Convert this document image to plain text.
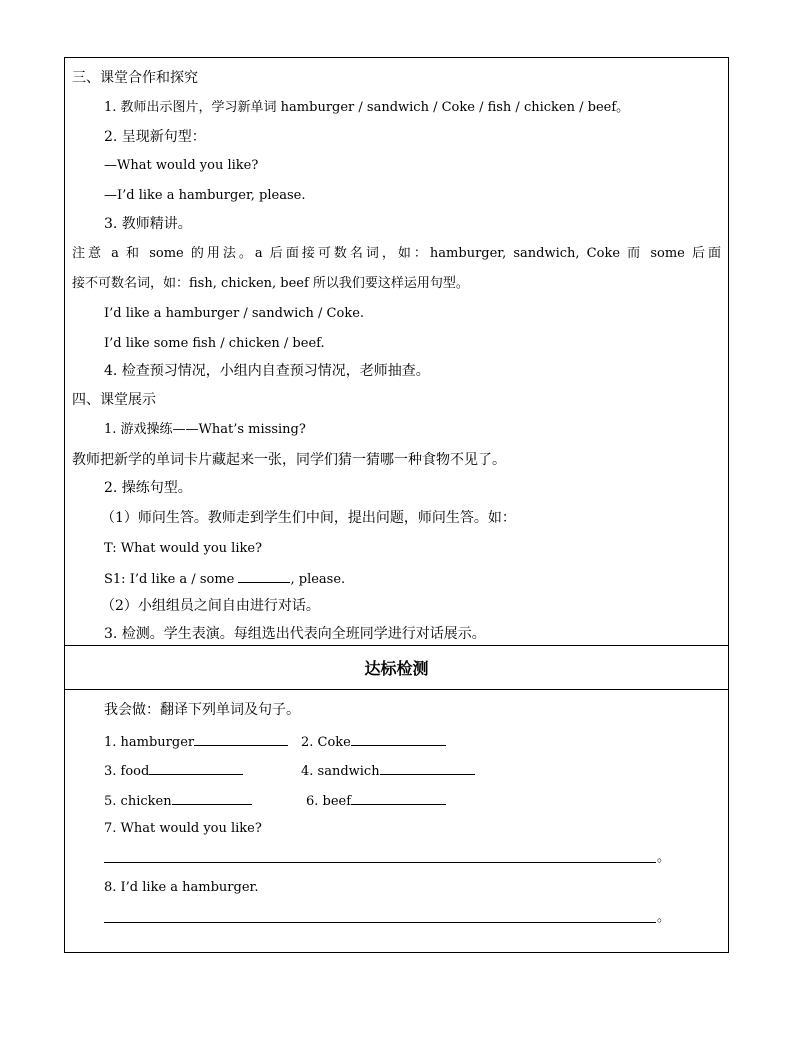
三、课堂合作和探究
1. 教师出示图片，学习新单词 hamburger / sandwich / Coke / fish / chicken / beef。
2. 呈现新句型：
—What would you like?
—I’d like a hamburger, please.
3. 教师精讲。
注意 a 和 some 的用法。a 后面接可数名词，如：hamburger, sandwich, Coke 而 some 后面
接不可数名词，如：fish, chicken, beef 所以我们要这样运用句型。
I’d like a hamburger / sandwich / Coke.
I’d like some fish / chicken / beef.
4. 检查预习情况，小组内自查预习情况，老师抽查。
四、课堂展示
1. 游戏操练——What’s missing?
教师把新学的单词卡片藏起来一张，同学们猜一猜哪一种食物不见了。
2. 操练句型。
（1）师问生答。教师走到学生们中间，提出问题，师问生答。如：
T: What would you like?
S1: I’d like a / some	, please.
（2）小组组员之间自由进行对话。
3. 检测。学生表演。每组选出代表向全班同学进行对话展示。
达标检测
我会做：翻译下列单词及句子。
1. hamburger	2. Coke
3. food	4. sandwich
5. chicken	6. beef
7. What would you like?
。
8. I’d like a hamburger.
。
